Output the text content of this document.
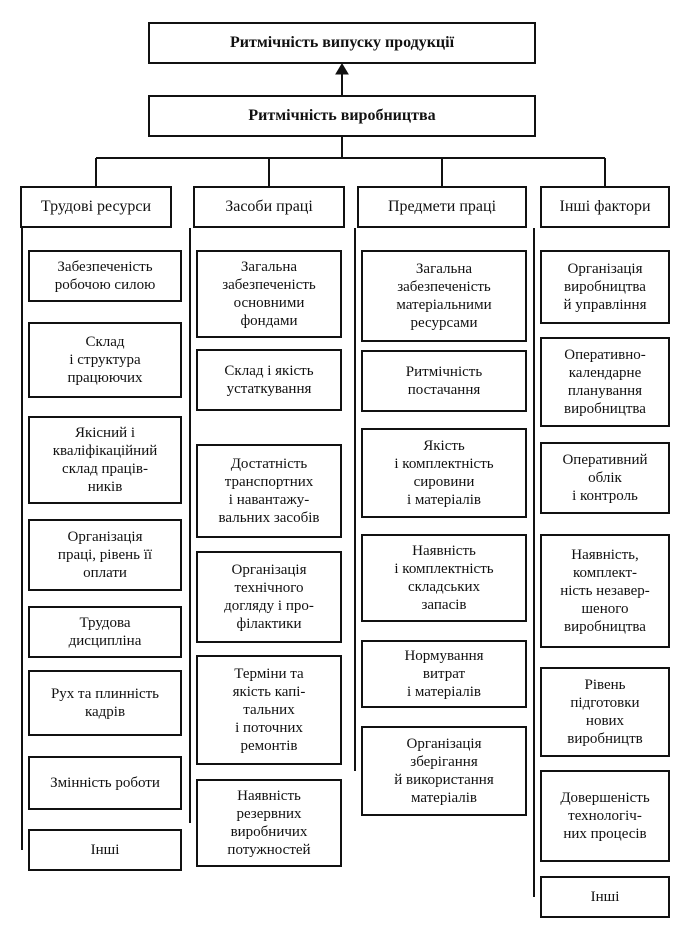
Ритмічність випуску продукції
Ритмічність виробництва
Трудові ресурси	Засоби праці	Предмети праці	Інші фактори
Забезпеченість
робочою силою
Склад
і структура
працюючих
Якісний і
кваліфікаційний
склад праців-
ників
Організація
праці, рівень її
оплати
Трудова
дисципліна
Рух та плинність
кадрів
Змінність роботи
Інші
Загальна
забезпеченість
основними
фондами
Склад і якість
устаткування
Достатність
транспортних
і навантажу-
вальних засобів
Організація
технічного
догляду і про-
філактики
Терміни та
якість капі-
тальних
і поточних
ремонтів
Наявність
резервних
виробничих
потужностей
Загальна
забезпеченість
матеріальними
ресурсами
Ритмічність
постачання
Якість
і комплектність
сировини
і матеріалів
Наявність
і комплектність
складських
запасів
Нормування
витрат
і матеріалів
Організація
зберігання
й використання
матеріалів
Організація
виробництва
й управління
Оперативно-
календарне
планування
виробництва
Оперативний
облік
і контроль
Наявність,
комплект-
ність незавер-
шеного
виробництва
Рівень
підготовки
нових
виробництв
Довершеність
технологіч-
них процесів
Інші
